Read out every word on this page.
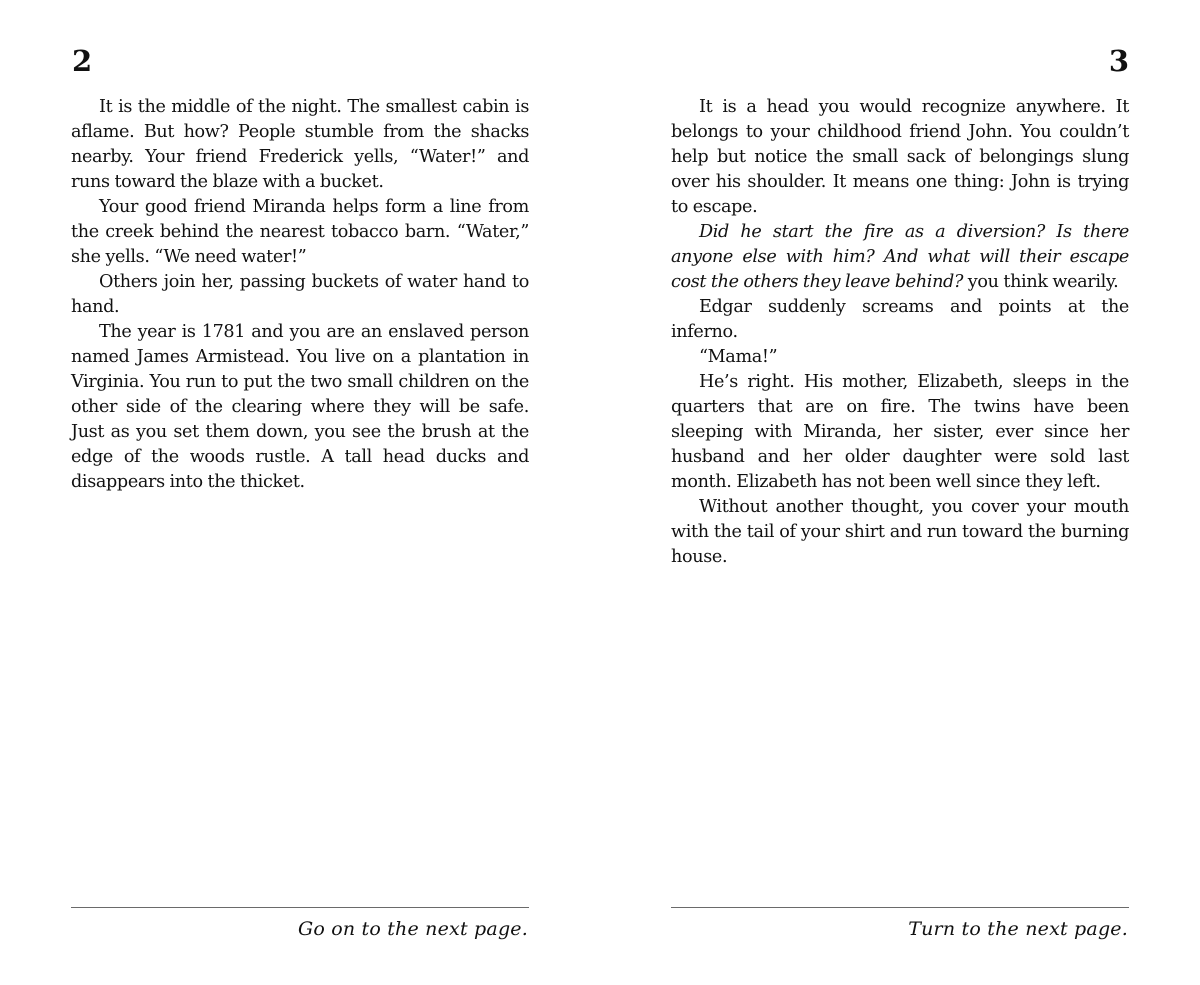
2

It is the middle of the night. The smallest cabin is aflame. But how? People stumble from the shacks nearby. Your friend Frederick yells, “Water!” and runs toward the blaze with a bucket.

Your good friend Miranda helps form a line from the creek behind the nearest tobacco barn. “Water,” she yells. “We need water!”

Others join her, passing buckets of water hand to hand.

The year is 1781 and you are an enslaved person named James Armistead. You live on a plantation in Virginia. You run to put the two small children on the other side of the clearing where they will be safe. Just as you set them down, you see the brush at the edge of the woods rustle. A tall head ducks and disappears into the thicket.

Go on to the next page.
3

It is a head you would recognize anywhere. It belongs to your childhood friend John. You couldn’t help but notice the small sack of belongings slung over his shoulder. It means one thing: John is trying to escape.

Did he start the fire as a diversion? Is there anyone else with him? And what will their escape cost the others they leave behind? you think wearily.

Edgar suddenly screams and points at the inferno.

“Mama!”

He’s right. His mother, Elizabeth, sleeps in the quarters that are on fire. The twins have been sleeping with Miranda, her sister, ever since her husband and her older daughter were sold last month. Elizabeth has not been well since they left.

Without another thought, you cover your mouth with the tail of your shirt and run toward the burning house.

Turn to the next page.
